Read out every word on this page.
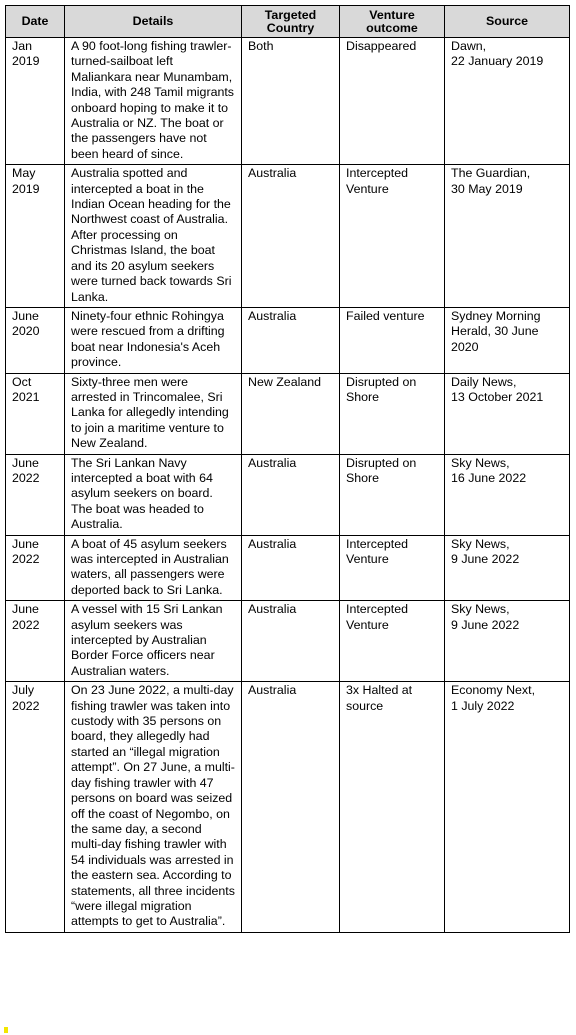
Date	Details	Targeted Country	Venture outcome	Source
Jan 2019	A 90 foot-long fishing trawler-turned-sailboat left Maliankara near Munambam, India, with 248 Tamil migrants onboard hoping to make it to Australia or NZ. The boat or the passengers have not been heard of since.	Both	Disappeared	Dawn,
22 January 2019
May 2019	Australia spotted and intercepted a boat in the Indian Ocean heading for the Northwest coast of Australia. After processing on Christmas Island, the boat and its 20 asylum seekers were turned back towards Sri Lanka.	Australia	Intercepted Venture	The Guardian,
30 May 2019
June 2020	Ninety-four ethnic Rohingya were rescued from a drifting boat near Indonesia's Aceh province.	Australia	Failed venture	Sydney Morning Herald, 30 June 2020
Oct 2021	Sixty-three men were arrested in Trincomalee, Sri Lanka for allegedly intending to join a maritime venture to New Zealand.	New Zealand	Disrupted on Shore	Daily News,
13 October 2021
June 2022	The Sri Lankan Navy intercepted a boat with 64 asylum seekers on board. The boat was headed to Australia.	Australia	Disrupted on Shore	Sky News,
16 June 2022
June 2022	A boat of 45 asylum seekers was intercepted in Australian waters, all passengers were deported back to Sri Lanka.	Australia	Intercepted Venture	Sky News,
9 June 2022
June 2022	A vessel with 15 Sri Lankan asylum seekers was intercepted by Australian Border Force officers near Australian waters.	Australia	Intercepted Venture	Sky News,
9 June 2022
July 2022	On 23 June 2022, a multi-day fishing trawler was taken into custody with 35 persons on board, they allegedly had started an “illegal migration attempt”. On 27 June, a multi-day fishing trawler with 47 persons on board was seized off the coast of Negombo, on the same day, a second multi-day fishing trawler with 54 individuals was arrested in the eastern sea. According to statements, all three incidents “were illegal migration attempts to get to Australia”.	Australia	3x Halted at source	Economy Next,
1 July 2022
